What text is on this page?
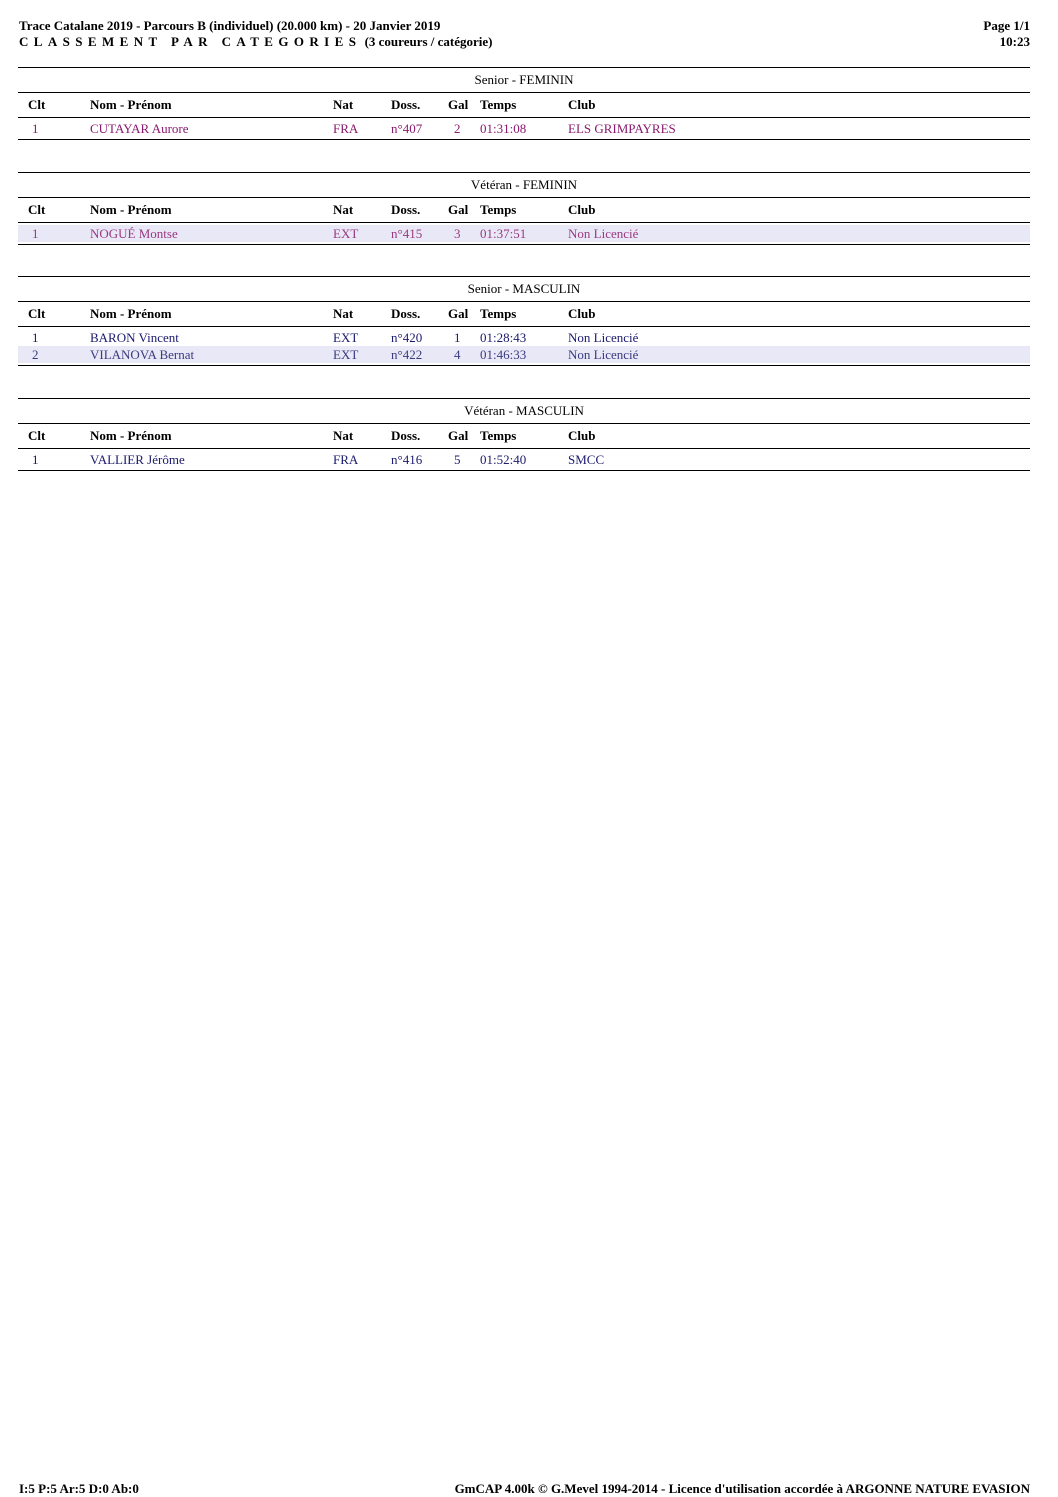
Trace Catalane 2019 - Parcours B (individuel) (20.000 km) - 20 Janvier 2019
CLASSEMENT PAR CATEGORIES (3 coureurs / catégorie)
Page 1/1
10:23
Senior - FEMININ
Clt	Nom - Prénom	Nat	Doss. Gal Temps	Club
1	CUTAYAR Aurore	FRA	n°407 2 01:31:08	ELS GRIMPAYRES
Vétéran - FEMININ
Clt	Nom - Prénom	Nat	Doss. Gal Temps	Club
1	NOGUÉ Montse	EXT	n°415 3 01:37:51	Non Licencié
Senior - MASCULIN
Clt	Nom - Prénom	Nat	Doss. Gal Temps	Club
1	BARON Vincent	EXT	n°420 1 01:28:43	Non Licencié
2	VILANOVA Bernat	EXT	n°422 4 01:46:33	Non Licencié
Vétéran - MASCULIN
Clt	Nom - Prénom	Nat	Doss. Gal Temps	Club
1	VALLIER Jérôme	FRA	n°416 5 01:52:40	SMCC
I:5 P:5 Ar:5 D:0 Ab:0	GmCAP 4.00k © G.Mevel 1994-2014 - Licence d'utilisation accordée à ARGONNE NATURE EVASION
